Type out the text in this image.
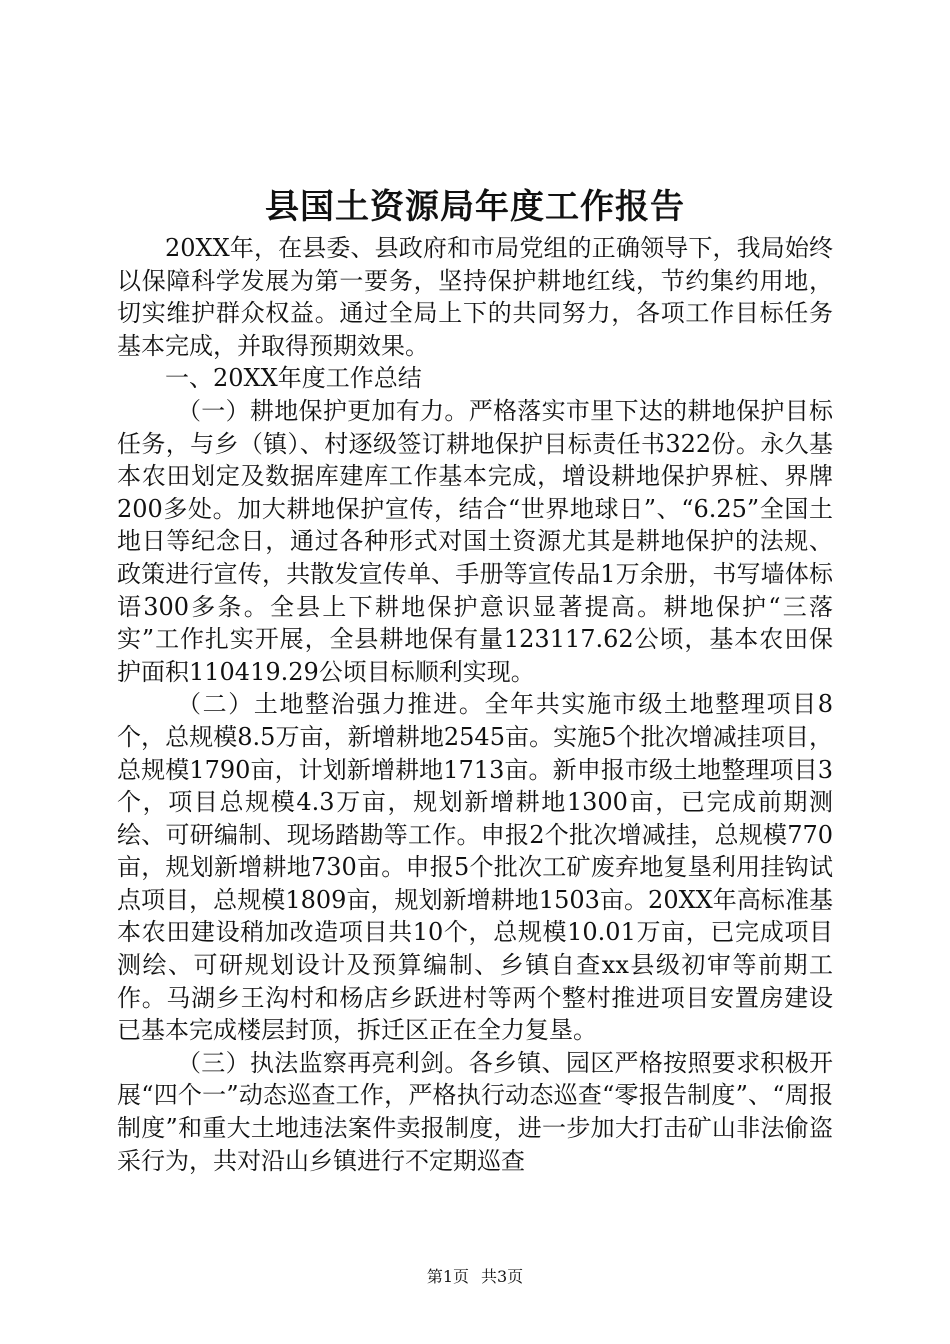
县国土资源局年度工作报告

20XX年，在县委、县政府和市局党组的正确领导下，我局始终以保障科学发展为第一要务，坚持保护耕地红线，节约集约用地，切实维护群众权益。通过全局上下的共同努力，各项工作目标任务基本完成，并取得预期效果。

一、20XX年度工作总结

（一）耕地保护更加有力。严格落实市里下达的耕地保护目标任务，与乡（镇）、村逐级签订耕地保护目标责任书322份。永久基本农田划定及数据库建库工作基本完成，增设耕地保护界桩、界牌200多处。加大耕地保护宣传，结合“世界地球日”、“6.25”全国土地日等纪念日，通过各种形式对国土资源尤其是耕地保护的法规、政策进行宣传，共散发宣传单、手册等宣传品1万余册，书写墙体标语300多条。全县上下耕地保护意识显著提高。耕地保护“三落实”工作扎实开展，全县耕地保有量123117.62公顷，基本农田保护面积110419.29公顷目标顺利实现。

（二）土地整治强力推进。全年共实施市级土地整理项目8个，总规模8.5万亩，新增耕地2545亩。实施5个批次增减挂项目，总规模1790亩，计划新增耕地1713亩。新申报市级土地整理项目3个，项目总规模4.3万亩，规划新增耕地1300亩，已完成前期测绘、可研编制、现场踏勘等工作。申报2个批次增减挂，总规模770亩，规划新增耕地730亩。申报5个批次工矿废弃地复垦利用挂钩试点项目，总规模1809亩，规划新增耕地1503亩。20XX年高标准基本农田建设稍加改造项目共10个，总规模10.01万亩，已完成项目测绘、可研规划设计及预算编制、乡镇自查xx县级初审等前期工作。马湖乡王沟村和杨店乡跃进村等两个整村推进项目安置房建设已基本完成楼层封顶，拆迁区正在全力复垦。

（三）执法监察再亮利剑。各乡镇、园区严格按照要求积极开展“四个一”动态巡查工作，严格执行动态巡查“零报告制度”、“周报制度”和重大土地违法案件卖报制度，进一步加大打击矿山非法偷盗采行为，共对沿山乡镇进行不定期巡查

第1页 共3页
